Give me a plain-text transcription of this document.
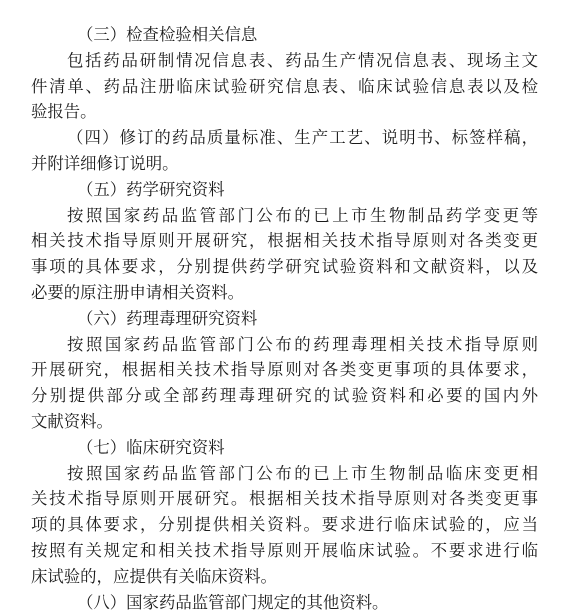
（三）检查检验相关信息
包括药品研制情况信息表、药品生产情况信息表、现场主文
件清单、药品注册临床试验研究信息表、临床试验信息表以及检
验报告。
（四）修订的药品质量标准、生产工艺、说明书、标签样稿，
并附详细修订说明。
（五）药学研究资料
按照国家药品监管部门公布的已上市生物制品药学变更等
相关技术指导原则开展研究，根据相关技术指导原则对各类变更
事项的具体要求，分别提供药学研究试验资料和文献资料，以及
必要的原注册申请相关资料。
（六）药理毒理研究资料
按照国家药品监管部门公布的药理毒理相关技术指导原则
开展研究，根据相关技术指导原则对各类变更事项的具体要求，
分别提供部分或全部药理毒理研究的试验资料和必要的国内外
文献资料。
（七）临床研究资料
按照国家药品监管部门公布的已上市生物制品临床变更相
关技术指导原则开展研究。根据相关技术指导原则对各类变更事
项的具体要求，分别提供相关资料。要求进行临床试验的，应当
按照有关规定和相关技术指导原则开展临床试验。不要求进行临
床试验的，应提供有关临床资料。
（八）国家药品监管部门规定的其他资料。
